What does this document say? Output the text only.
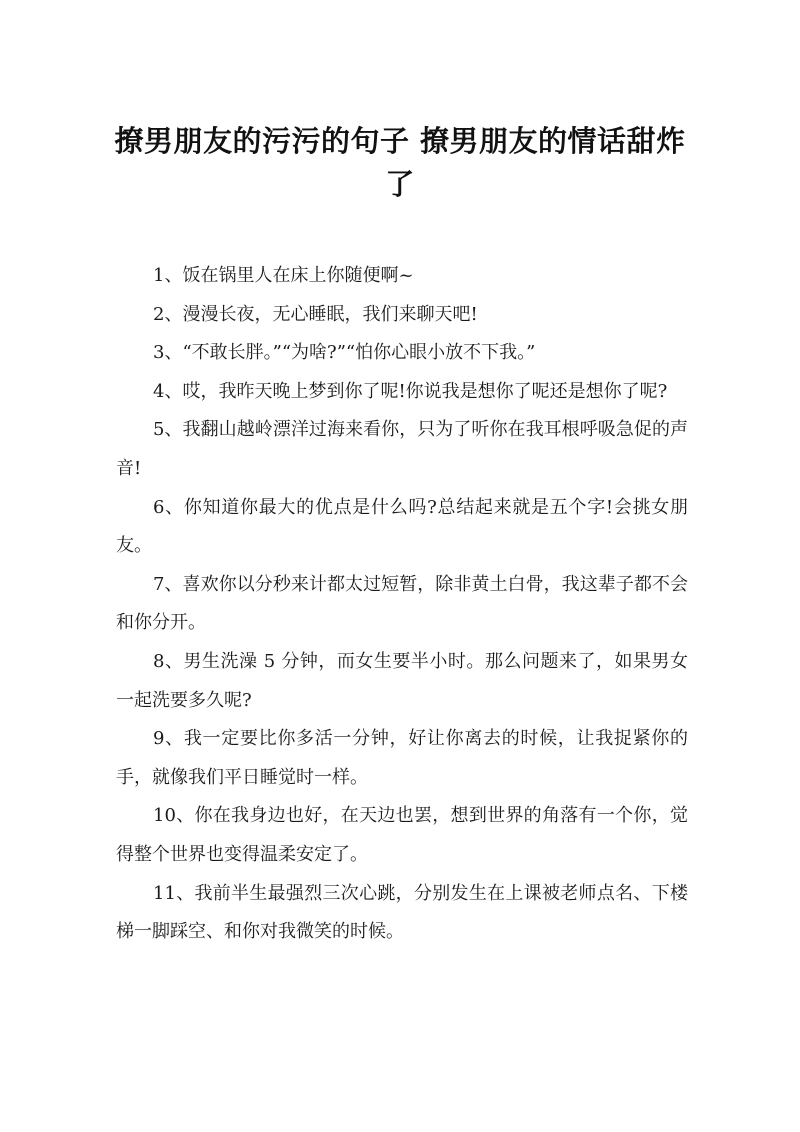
撩男朋友的污污的句子 撩男朋友的情话甜炸了

1、饭在锅里人在床上你随便啊~

2、漫漫长夜，无心睡眠，我们来聊天吧!

3、“不敢长胖。”“为啥?”“怕你心眼小放不下我。”

4、哎，我昨天晚上梦到你了呢!你说我是想你了呢还是想你了呢?

5、我翻山越岭漂洋过海来看你，只为了听你在我耳根呼吸急促的声音!

6、你知道你最大的优点是什么吗?总结起来就是五个字!会挑女朋友。

7、喜欢你以分秒来计都太过短暂，除非黄土白骨，我这辈子都不会和你分开。

8、男生洗澡 5 分钟，而女生要半小时。那么问题来了，如果男女一起洗要多久呢?

9、我一定要比你多活一分钟，好让你离去的时候，让我捉紧你的手，就像我们平日睡觉时一样。

10、你在我身边也好，在天边也罢，想到世界的角落有一个你，觉得整个世界也变得温柔安定了。

11、我前半生最强烈三次心跳，分别发生在上课被老师点名、下楼梯一脚踩空、和你对我微笑的时候。
